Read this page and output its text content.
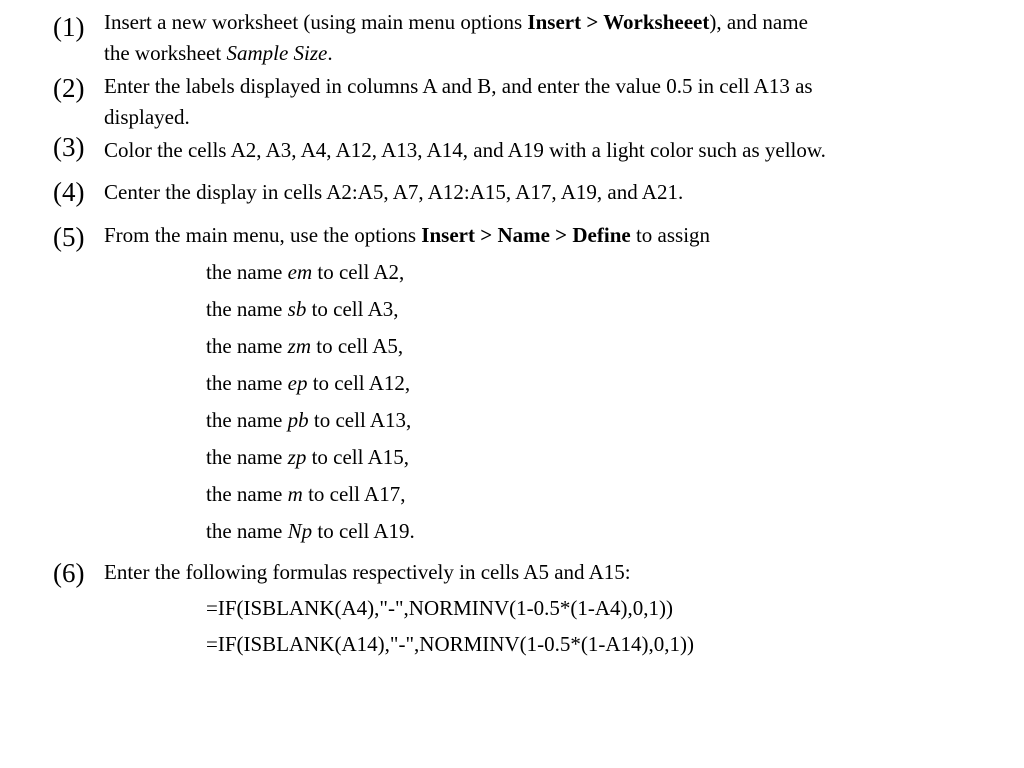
(1) Insert a new worksheet (using main menu options Insert > Worksheeet), and name
the worksheet Sample Size.
(2) Enter the labels displayed in columns A and B, and enter the value 0.5 in cell A13 as
displayed.
(3) Color the cells A2, A3, A4, A12, A13, A14, and A19 with a light color such as yellow.
(4) Center the display in cells A2:A5, A7, A12:A15, A17, A19, and A21.
(5) From the main menu, use the options Insert > Name > Define to assign
the name em to cell A2,
the name sb to cell A3,
the name zm to cell A5,
the name ep to cell A12,
the name pb to cell A13,
the name zp to cell A15,
the name m to cell A17,
the name Np to cell A19.
(6) Enter the following formulas respectively in cells A5 and A15:
=IF(ISBLANK(A4),"-",NORMINV(1-0.5*(1-A4),0,1))
=IF(ISBLANK(A14),"-",NORMINV(1-0.5*(1-A14),0,1))
